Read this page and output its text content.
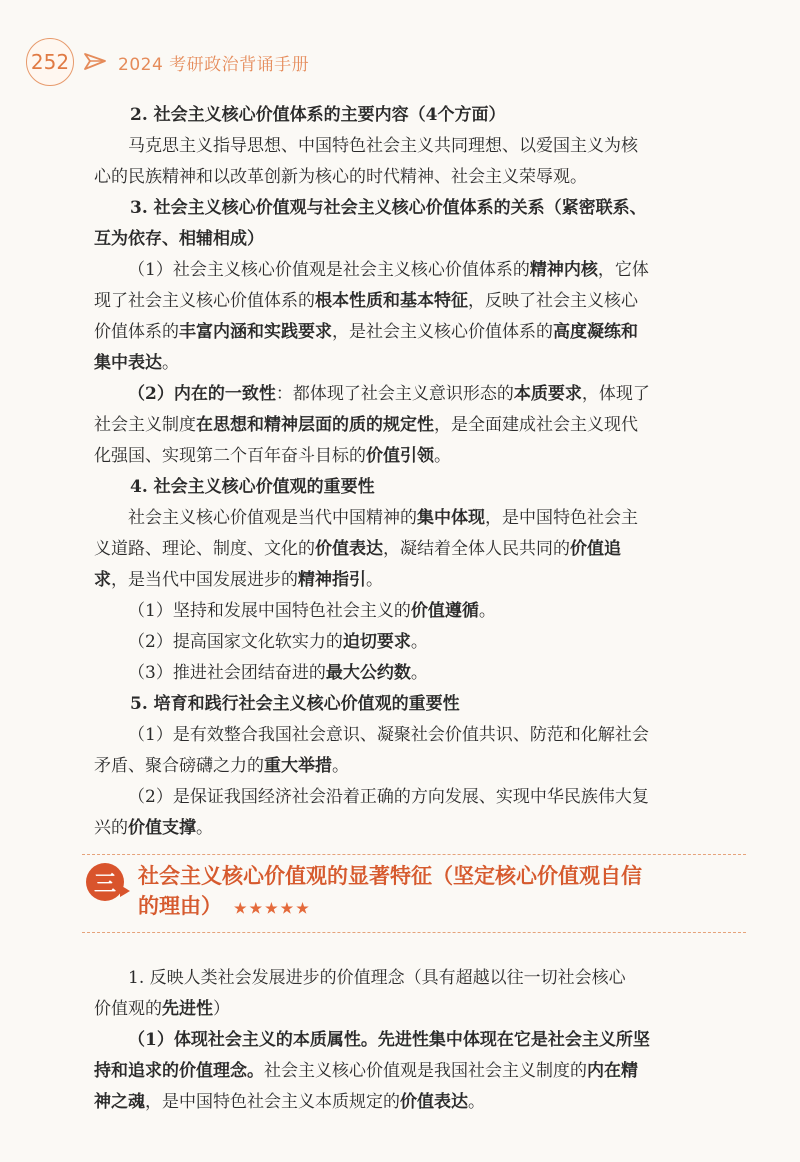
252	2024 考研政治背诵手册

2. 社会主义核心价值体系的主要内容（4个方面）

马克思主义指导思想、中国特色社会主义共同理想、以爱国主义为核

心的民族精神和以改革创新为核心的时代精神、社会主义荣辱观。

3. 社会主义核心价值观与社会主义核心价值体系的关系（紧密联系、

互为依存、相辅相成）

（1）社会主义核心价值观是社会主义核心价值体系的精神内核，它体

现了社会主义核心价值体系的根本性质和基本特征，反映了社会主义核心

价值体系的丰富内涵和实践要求，是社会主义核心价值体系的高度凝练和

集中表达。

（2）内在的一致性：都体现了社会主义意识形态的本质要求，体现了

社会主义制度在思想和精神层面的质的规定性，是全面建成社会主义现代

化强国、实现第二个百年奋斗目标的价值引领。

4. 社会主义核心价值观的重要性

社会主义核心价值观是当代中国精神的集中体现，是中国特色社会主

义道路、理论、制度、文化的价值表达，凝结着全体人民共同的价值追

求，是当代中国发展进步的精神指引。

（1）坚持和发展中国特色社会主义的价值遵循。

（2）提高国家文化软实力的迫切要求。

（3）推进社会团结奋进的最大公约数。

5. 培育和践行社会主义核心价值观的重要性

（1）是有效整合我国社会意识、凝聚社会价值共识、防范和化解社会

矛盾、聚合磅礴之力的重大举措。

（2）是保证我国经济社会沿着正确的方向发展、实现中华民族伟大复

兴的价值支撑。

三	社会主义核心价值观的显著特征（坚定核心价值观自信
的理由） ★★★★★

1. 反映人类社会发展进步的价值理念（具有超越以往一切社会核心

价值观的先进性）

（1）体现社会主义的本质属性。先进性集中体现在它是社会主义所坚

持和追求的价值理念。社会主义核心价值观是我国社会主义制度的内在精

神之魂，是中国特色社会主义本质规定的价值表达。
